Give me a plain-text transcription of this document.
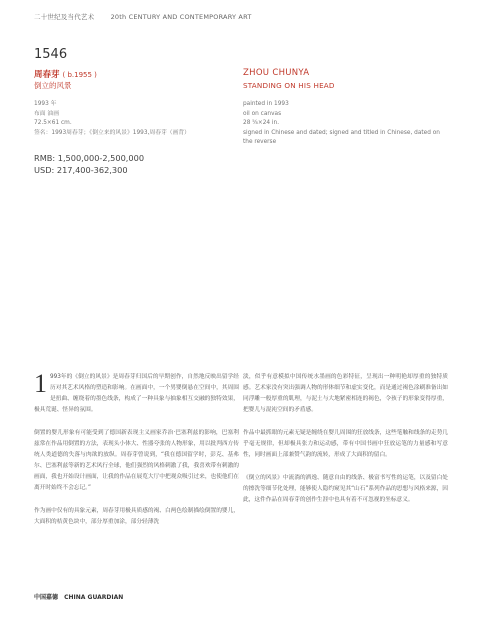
二十世纪及当代艺术	20th CENTURY AND CONTEMPORARY ART
1546
周春芽 ( b.1955 )
倒立的风景
ZHOU CHUNYA
STANDING ON HIS HEAD
1993 年
布面 油画
72.5×61 cm.
签名：1993周春芽；《倒立来的风景》1993,周春芽（画背）
painted in 1993
oil on canvas
28 ⁵⁄₈×24 in.
signed in Chinese and dated; signed and titled in Chinese, dated on the reverse
RMB: 1,500,000-2,500,000
USD: 217,400-362,300

1 993年的《倒立的风景》是周春芽归国后的早期创作，自然地反映出留学经历对其艺术风格的塑造和影响。在画面中，一个男婴倒悬在空间中，其周围是扭曲、缠绕着的墨色线条，构成了一种具象与抽象相互交融的独特效果，极具荒诞、怪异的氛围。

倒置的婴儿形象有可能受到了德国新表现主义画家乔治·巴塞利兹的影响，巴塞利兹常在作品用倒置的方法，表现头小体大、性器夸张的人物形象，用以批判西方传统人类道德的失落与肉欲的放纵。周春芽曾说到，“我在德国留学时，彭克、基弗尔、巴塞利兹等新的艺术风行全球，他们强烈的风格刺激了我，我喜欢带有刺激的画面，我也开始设计画面，让我的作品在展览大厅中把观众吸引过来，也使他们在离开时始终不会忘记。”

作为画中仅有的具象元素，周春芽用极具质感的褐、白两色绘制描绘倒置的婴儿，大面积的桔黄色块中，部分厚重加涂，部分轻薄洗

淡，似乎有意模拟中国传统水墨画的色彩特征，呈现出一种明艳却厚重的独特质感。艺术家没有突出强调人物的形体细节和虚实变化，而是通过褐色涂刷准备出如同浮雕一般厚重的肌理，与泥土与大地紧密相连的褐色，令孩子的形象变得厚重，把婴儿与混沌空间的矛盾感。

作品中最抓眼的元素无疑是缠绕在婴儿周围的狂放线条，这些笔触和线条的走势几乎毫无规律，但却极具张力和运动感，带有中国书画中狂放运笔的力量感和写意性，同时画面上部兼赞气韵的流转，形成了大面积的留白。

《倒立的风景》中流淌的洒逸、随意自由的线条、极富书写性的运笔，以及留白处的擦洗等细节化处理，能够使人隐约窥见其“山石”系列作品的思想与风格来源，因此，这件作品在周春芽的创作生涯中也具有着不可忽视的坐标意义。

中国嘉德 CHINA GUARDIAN
